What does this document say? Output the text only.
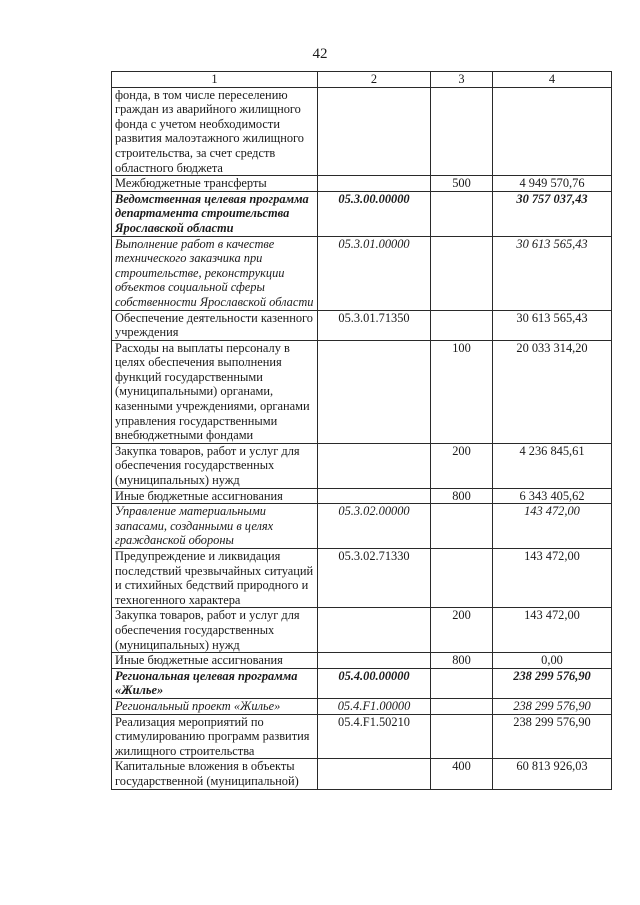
42
1	2	3	4
фонда, в том числе переселению граждан из аварийного жилищного фонда с учетом необходимости развития малоэтажного жилищного строительства, за счет средств областного бюджета			
Межбюджетные трансферты		500	4 949 570,76
Ведомственная целевая программа департамента строительства Ярославской области	05.3.00.00000		30 757 037,43
Выполнение работ в качестве технического заказчика при строительстве, реконструкции объектов социальной сферы собственности Ярославской области	05.3.01.00000		30 613 565,43
Обеспечение деятельности казенного учреждения	05.3.01.71350		30 613 565,43
Расходы на выплаты персоналу в целях обеспечения выполнения функций государственными (муниципальными) органами, казенными учреждениями, органами управления государственными внебюджетными фондами		100	20 033 314,20
Закупка товаров, работ и услуг для обеспечения государственных (муниципальных) нужд		200	4 236 845,61
Иные бюджетные ассигнования		800	6 343 405,62
Управление материальными запасами, созданными в целях гражданской обороны	05.3.02.00000		143 472,00
Предупреждение и ликвидация последствий чрезвычайных ситуаций и стихийных бедствий природного и техногенного характера	05.3.02.71330		143 472,00
Закупка товаров, работ и услуг для обеспечения государственных (муниципальных) нужд		200	143 472,00
Иные бюджетные ассигнования		800	0,00
Региональная целевая программа «Жилье»	05.4.00.00000		238 299 576,90
Региональный проект «Жилье»	05.4.F1.00000		238 299 576,90
Реализация мероприятий по стимулированию программ развития жилищного строительства	05.4.F1.50210		238 299 576,90
Капитальные вложения в объекты государственной (муниципальной)		400	60 813 926,03
